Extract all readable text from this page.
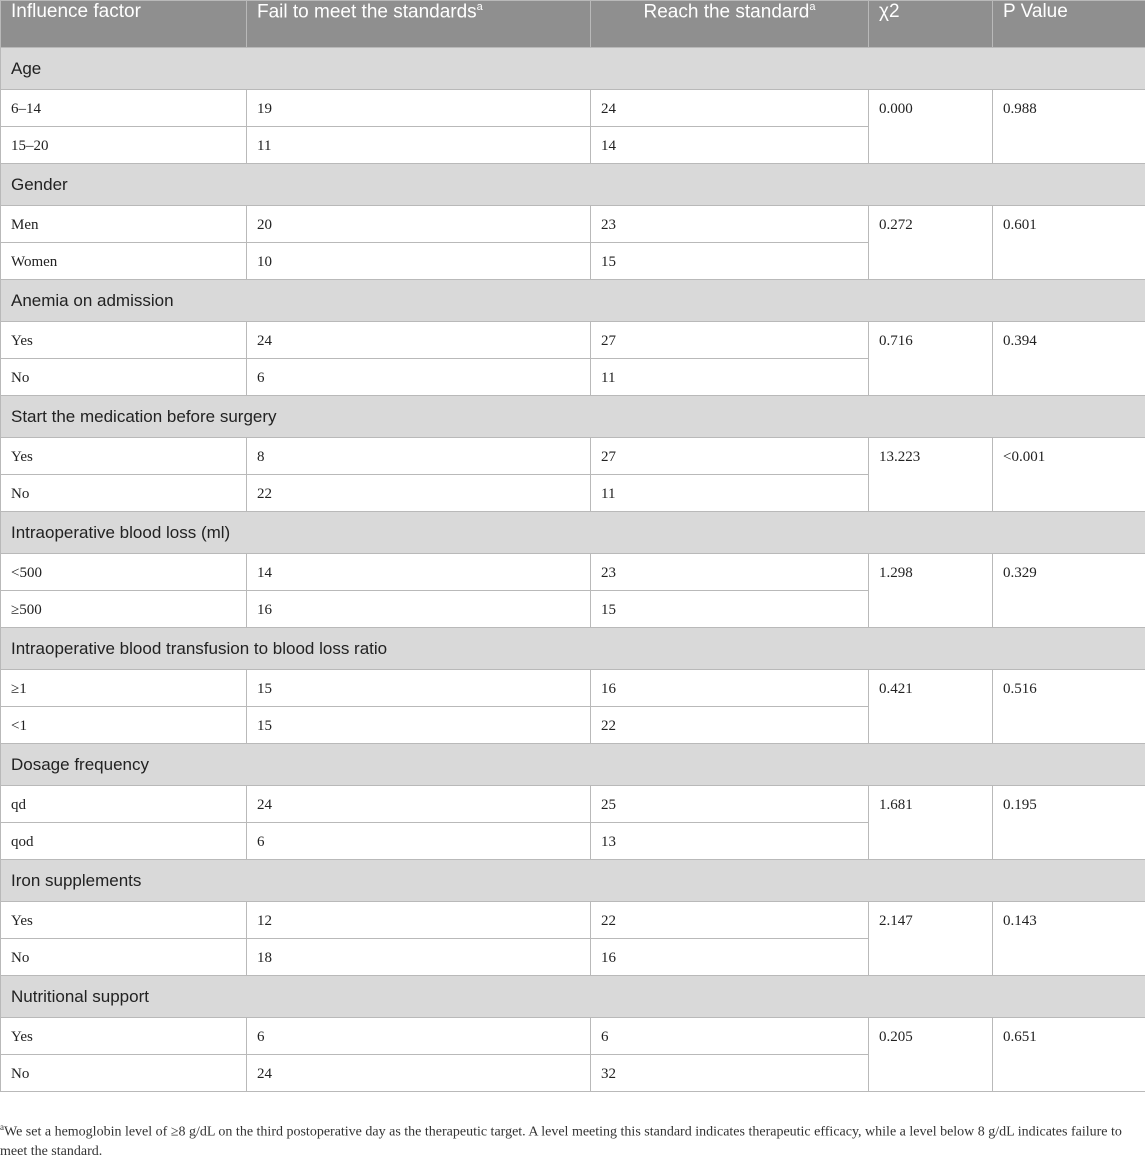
Influence factor	Fail to meet the standards$^a$	Reach the standard$^a$	χ2	P Value
Age				
6–14	19	24	0.000	0.988
15–20	11	14		
Gender				
Men	20	23	0.272	0.601
Women	10	15		
Anemia on admission				
Yes	24	27	0.716	0.394
No	6	11		
Start the medication before surgery				
Yes	8	27	13.223	<0.001
No	22	11		
Intraoperative blood loss (ml)				
<500	14	23	1.298	0.329
≥500	16	15		
Intraoperative blood transfusion to blood loss ratio				
≥1	15	16	0.421	0.516
<1	15	22		
Dosage frequency				
qd	24	25	1.681	0.195
qod	6	13		
Iron supplements				
Yes	12	22	2.147	0.143
No	18	16		
Nutritional support				
Yes	6	6	0.205	0.651
No	24	32		
$^a$We set a hemoglobin level of ≥8 g/dL on the third postoperative day as the therapeutic target. A level meeting this standard indicates therapeutic efficacy, while a level below 8 g/dL indicates failure to meet the standard.
